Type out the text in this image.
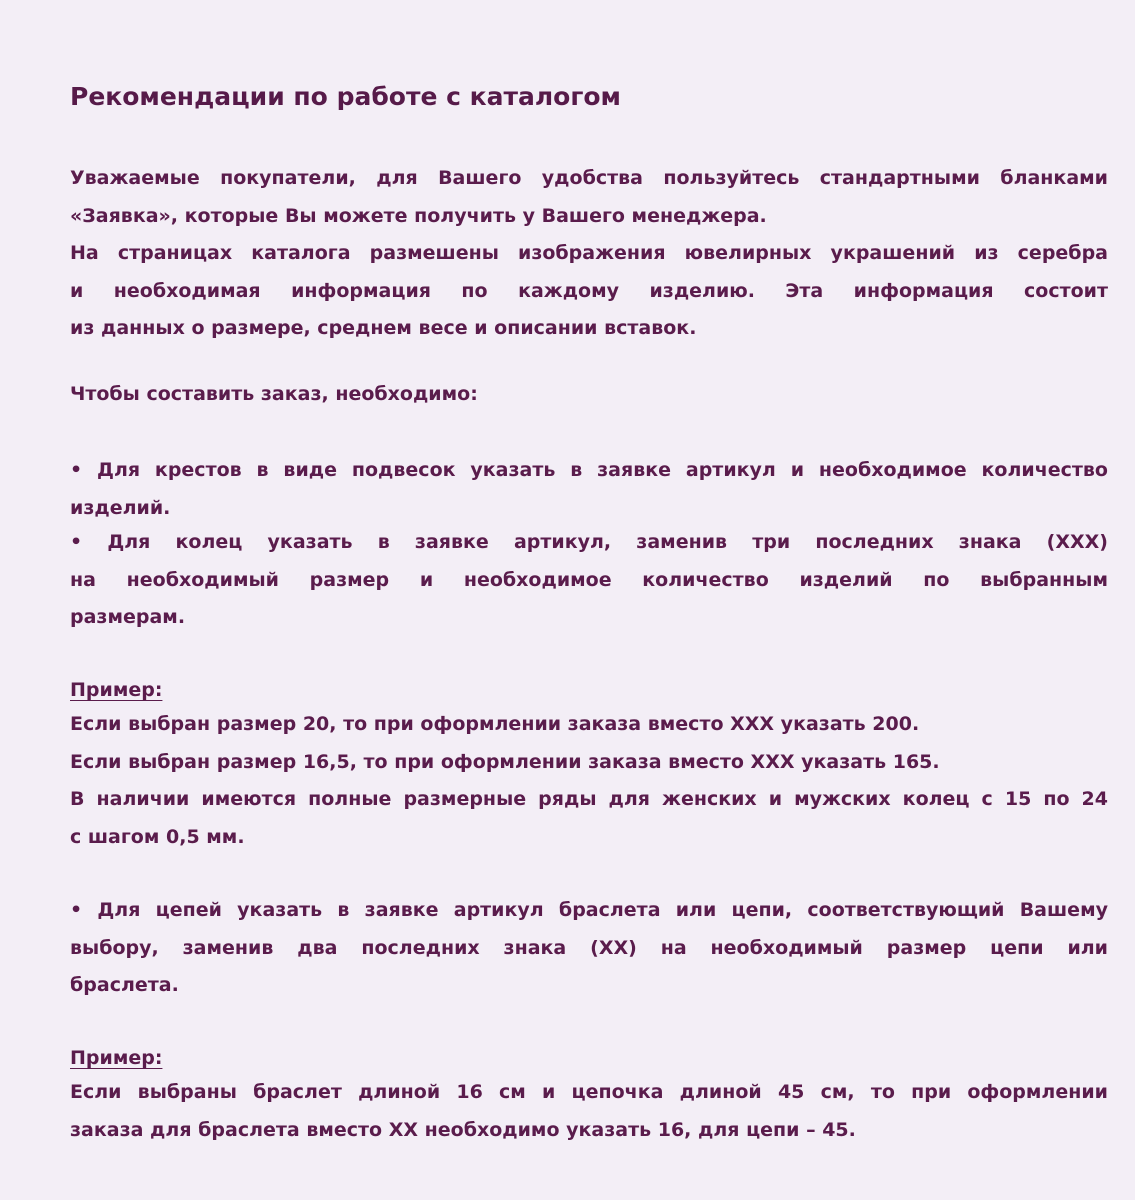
Рекомендации по работе с каталогом
Уважаемые покупатели, для Вашего удобства пользуйтесь стандартными бланками
«Заявка», которые Вы можете получить у Вашего менеджера.
На страницах каталога размешены изображения ювелирных украшений из серебра
и необходимая информация по каждому изделию. Эта информация состоит
из данных о размере, среднем весе и описании вставок.
Чтобы составить заказ, необходимо:
• Для крестов в виде подвесок указать в заявке артикул и необходимое количество
изделий.
• Для колец указать в заявке артикул, заменив три последних знака (XXX)
на необходимый размер и необходимое количество изделий по выбранным
размерам.
Пример:
Если выбран размер 20, то при оформлении заказа вместо XXX указать 200.
Если выбран размер 16,5, то при оформлении заказа вместо XXX указать 165.
В наличии имеются полные размерные ряды для женских и мужских колец с 15 по 24
с шагом 0,5 мм.
• Для цепей указать в заявке артикул браслета или цепи, соответствующий Вашему
выбору, заменив два последних знака (XX) на необходимый размер цепи или
браслета.
Пример:
Если выбраны браслет длиной 16 см и цепочка длиной 45 см, то при оформлении
заказа для браслета вместо XX необходимо указать 16, для цепи – 45.
